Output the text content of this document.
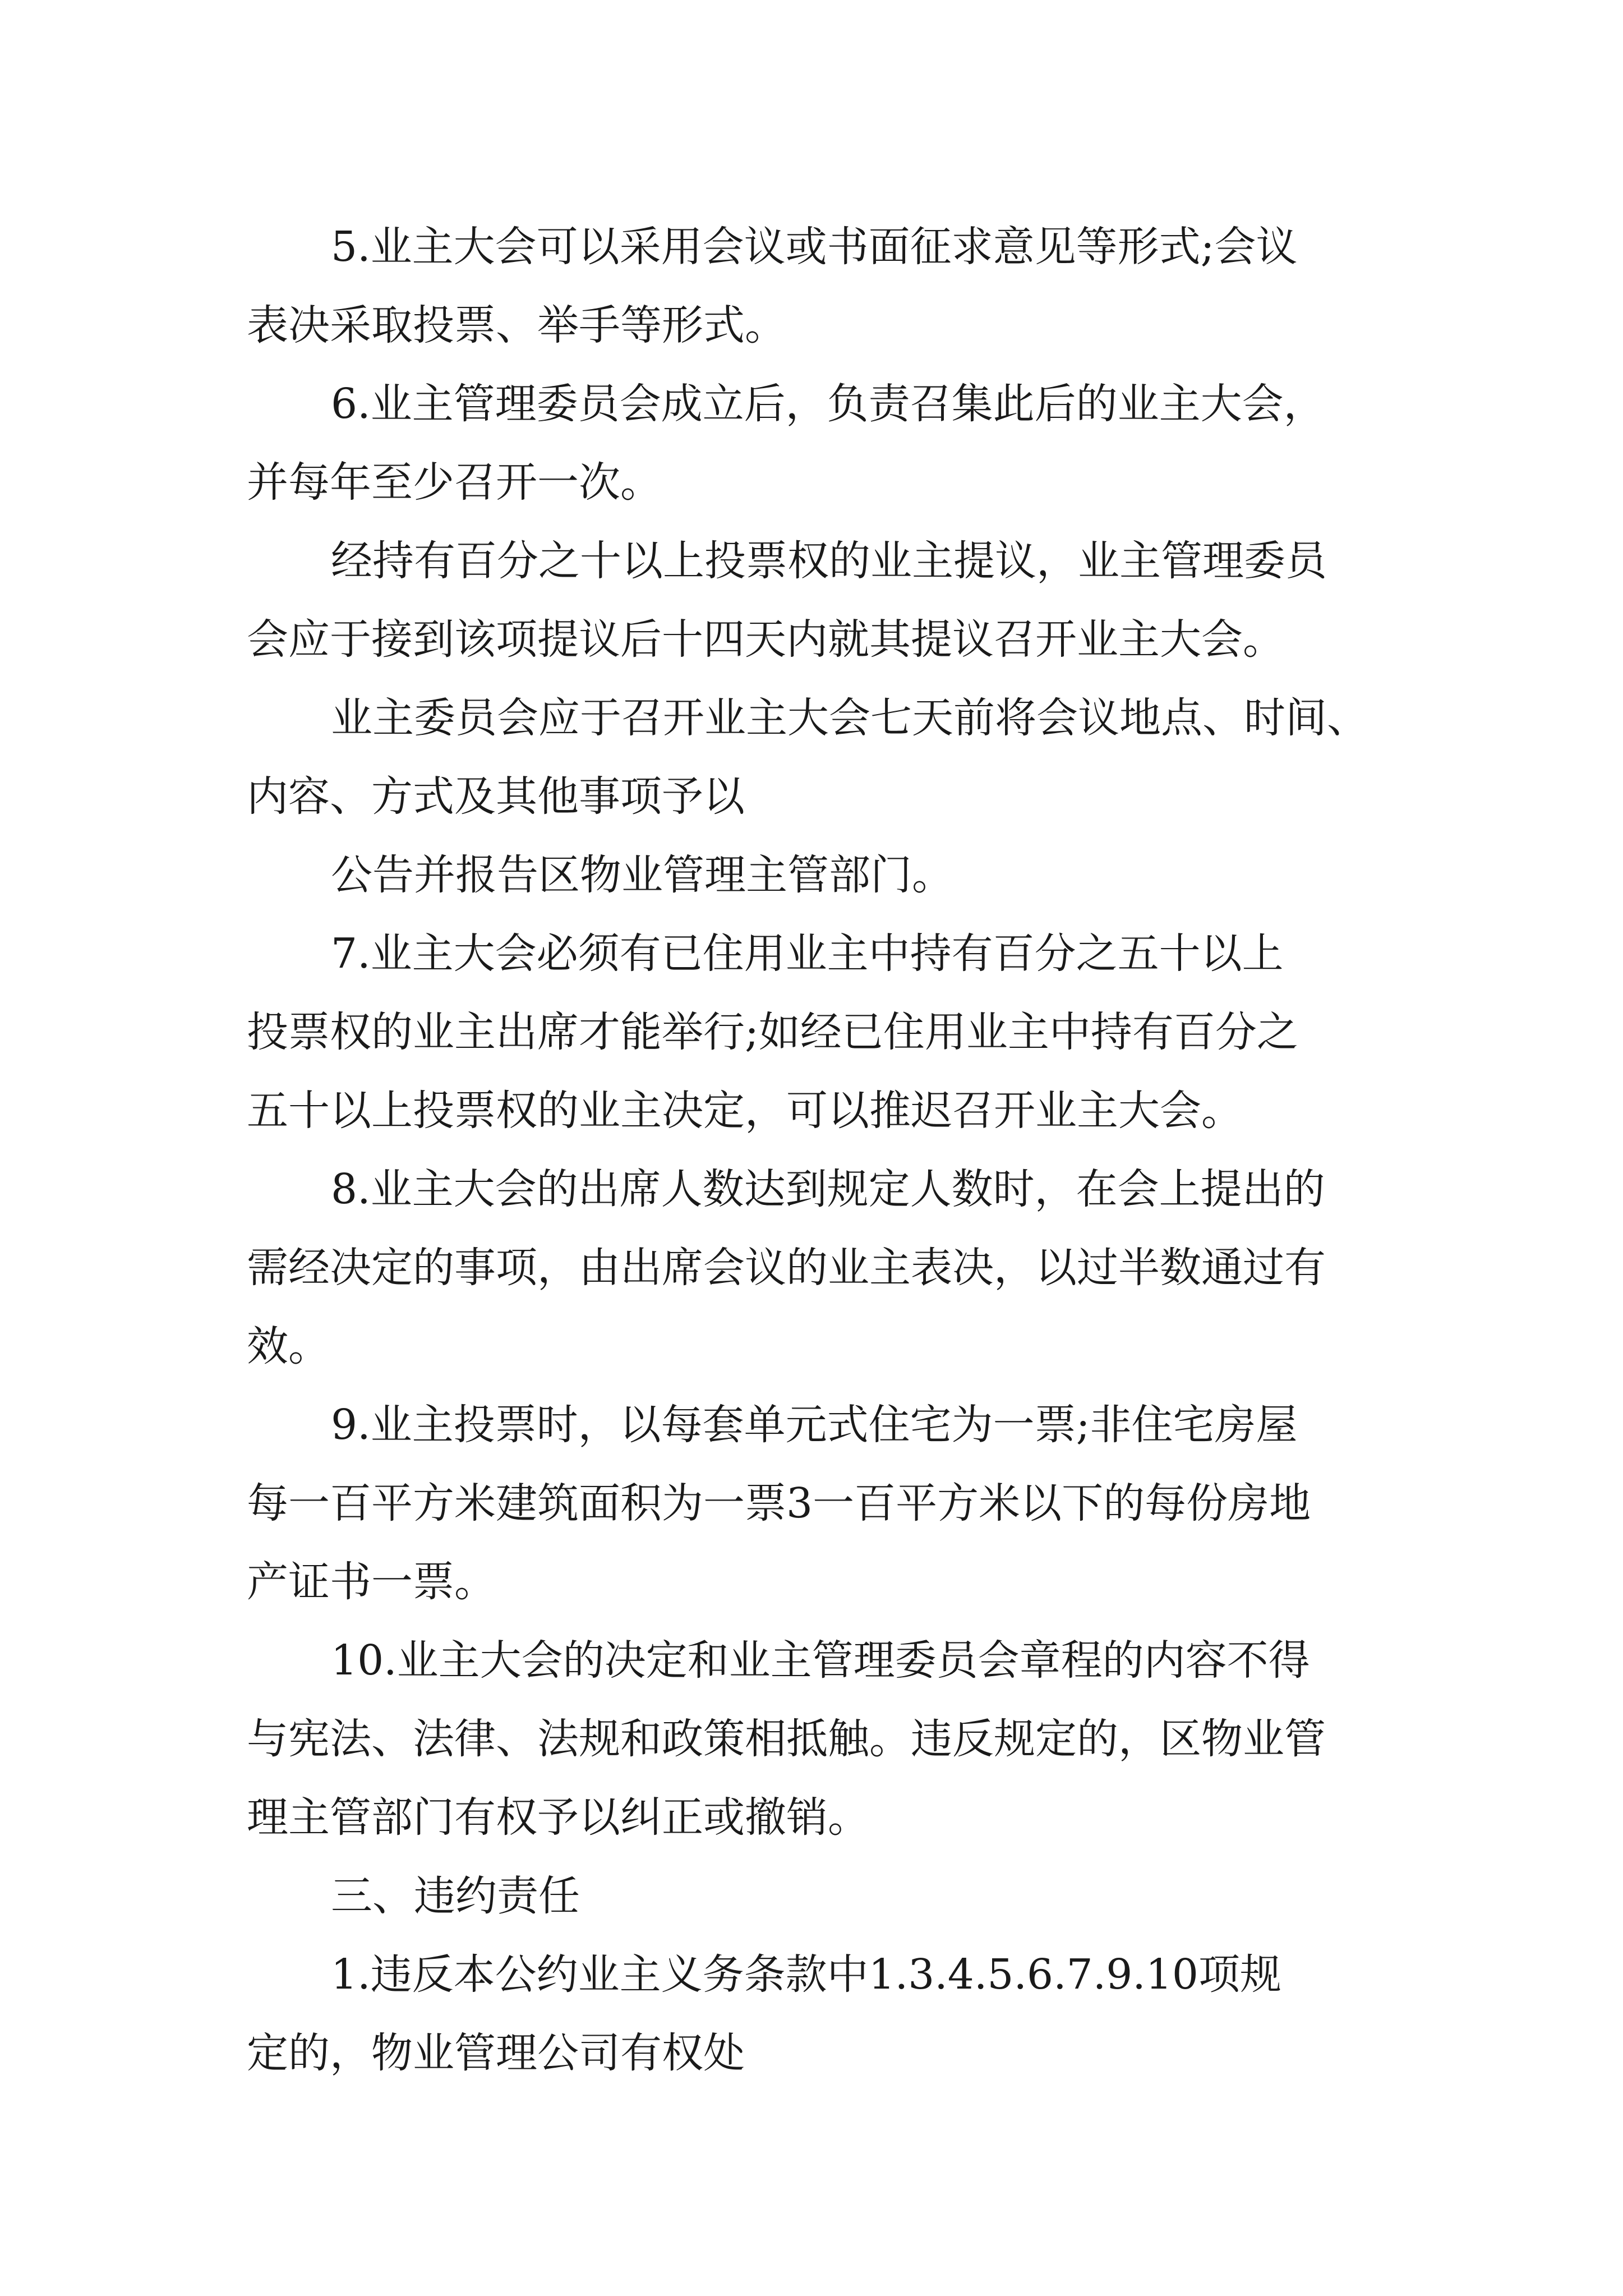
5.业主大会可以采用会议或书面征求意见等形式;会议
表决采取投票、举手等形式。
6.业主管理委员会成立后，负责召集此后的业主大会，
并每年至少召开一次。
经持有百分之十以上投票权的业主提议，业主管理委员
会应于接到该项提议后十四天内就其提议召开业主大会。
业主委员会应于召开业主大会七天前将会议地点、时间、
内容、方式及其他事项予以
公告并报告区物业管理主管部门。
7.业主大会必须有已住用业主中持有百分之五十以上
投票权的业主出席才能举行;如经已住用业主中持有百分之
五十以上投票权的业主决定，可以推迟召开业主大会。
8.业主大会的出席人数达到规定人数时，在会上提出的
需经决定的事项，由出席会议的业主表决，以过半数通过有
效。
9.业主投票时，以每套单元式住宅为一票;非住宅房屋
每一百平方米建筑面积为一票3一百平方米以下的每份房地
产证书一票。
10.业主大会的决定和业主管理委员会章程的内容不得
与宪法、法律、法规和政策相抵触。违反规定的，区物业管
理主管部门有权予以纠正或撤销。
三、违约责任
1.违反本公约业主义务条款中1.3.4.5.6.7.9.10项规
定的，物业管理公司有权处
